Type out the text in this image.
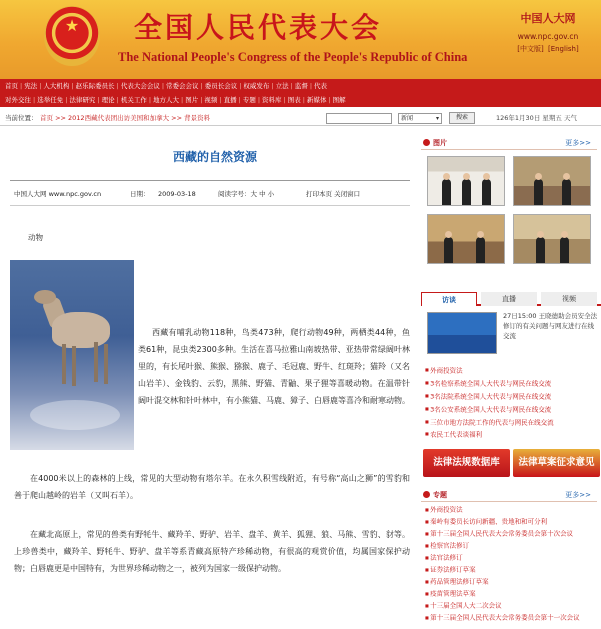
★	全国人民代表大会
The National People's Congress of the People's Republic of China
中国人大网
www.npc.gov.cn
[中文版] [English]
首页 | 宪法 | 人大机构 | 赵乐际委员长 | 代表大会会议 | 常委会会议 | 委员长会议 | 权威发布 | 立法 | 监督 | 代表
对外交往 | 选举任免 | 法律研究 | 理论 | 机关工作 | 地方人大 | 图片 | 视频 | 直播 | 专题 | 资料库 | 图表 | 新媒体 | 图解
当前位置： 首页 >> 2012西藏代表团出访美国和加拿大 >> 背景资料	新闻 ▾	搜索	126年1月30日 星期五 天气
西藏的自然资源
中国人大网 www.npc.gov.cn	日期： 2009-03-18	阅读字号：大 中 小	打印本页 关闭窗口
动物
西藏有哺乳动物118种，鸟类473种，爬行动物49种，两栖类44种，鱼类61种，昆虫类2300多种。生活在喜马拉雅山南坡热带、亚热带常绿阔叶林里的，有长尾叶猴、熊猴、猕猴、鹿子、毛冠鹿、野牛、红斑羚；猫羚（又名山岩羊）、金钱豹、云豹，黑熊、野猫、青鼬、果子狸等喜暖动物。在温带针阔叶混交林和针叶林中，有小熊猫、马鹿、獐子、白唇鹿等喜冷和耐寒动物。
在4000米以上的森林的上线，常见的大型动物有塔尔羊。在永久积雪线附近，有号称“高山之狮”的雪豹和善于爬山越岭的岩羊（又叫石羊）。
在藏北高原上，常见的兽类有野牦牛、藏羚羊、野驴、岩羊、盘羊、黄羊、狐狸、狼、马熊、雪豹、豺等。上珍兽类中，藏羚羊、野牦牛、野驴、盘羊等系青藏高原特产珍稀动物，有很高的观赏价值，均属国家保护动物；白唇鹿更是中国特有，为世界珍稀动物之一，被列为国家一级保护动物。
图片	更多>>
访谈	直播	视频
27日15:00 王晓德助会员安全法修订的有关问题与网友进行在线交流
■ 外商投资法
■ 3名检察系统全国人大代表与网民在线交流
■ 3名法院系统全国人大代表与网民在线交流
■ 3名公安系统全国人大代表与网民在线交流
■ 三位市地方法院工作的代表与网民在线交流
■ 农民工代表谈福利
法律法规数据库	法律草案征求意见
专题	更多>>
■ 外商投资法
■ 秦岭有委员长访问新疆、贵地和和可分利
■ 第十三届全国人民代表大会常务委员会第十次会议
■ 检察官法修订
■ 法官法修订
■ 证券法修订草案
■ 药品管理法修订草案
■ 疫苗管理法草案
■ 十三届全国人大二次会议
■ 第十三届全国人民代表大会常务委员会第十一次会议
